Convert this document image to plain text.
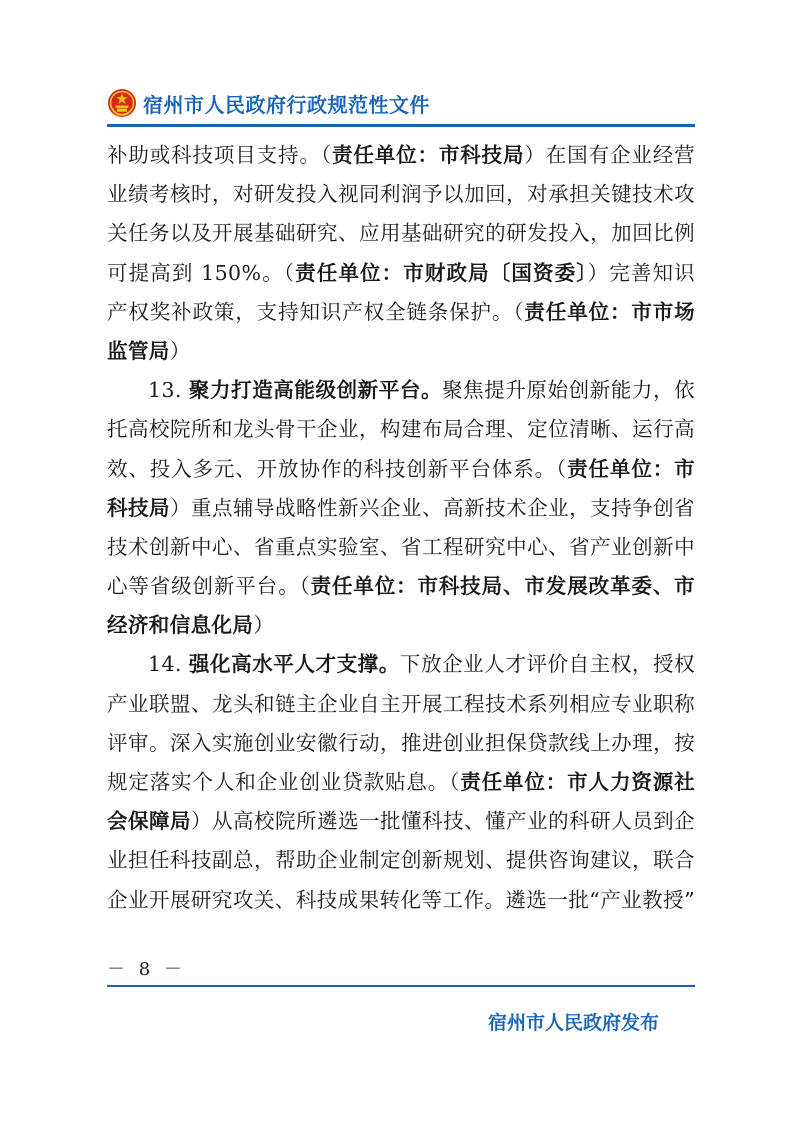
宿州市人民政府行政规范性文件
补助或科技项目支持。（责任单位：市科技局）在国有企业经营
业绩考核时，对研发投入视同利润予以加回，对承担关键技术攻
关任务以及开展基础研究、应用基础研究的研发投入，加回比例
可提高到 150%。（责任单位：市财政局〔国资委〕）完善知识
产权奖补政策，支持知识产权全链条保护。（责任单位：市市场
监管局）
13. 聚力打造高能级创新平台。聚焦提升原始创新能力，依
托高校院所和龙头骨干企业，构建布局合理、定位清晰、运行高
效、投入多元、开放协作的科技创新平台体系。（责任单位：市
科技局）重点辅导战略性新兴企业、高新技术企业，支持争创省
技术创新中心、省重点实验室、省工程研究中心、省产业创新中
心等省级创新平台。（责任单位：市科技局、市发展改革委、市
经济和信息化局）
14. 强化高水平人才支撑。下放企业人才评价自主权，授权
产业联盟、龙头和链主企业自主开展工程技术系列相应专业职称
评审。深入实施创业安徽行动，推进创业担保贷款线上办理，按
规定落实个人和企业创业贷款贴息。（责任单位：市人力资源社
会保障局）从高校院所遴选一批懂科技、懂产业的科研人员到企
业担任科技副总，帮助企业制定创新规划、提供咨询建议，联合
企业开展研究攻关、科技成果转化等工作。遴选一批“产业教授”
－ 8 －
宿州市人民政府发布
